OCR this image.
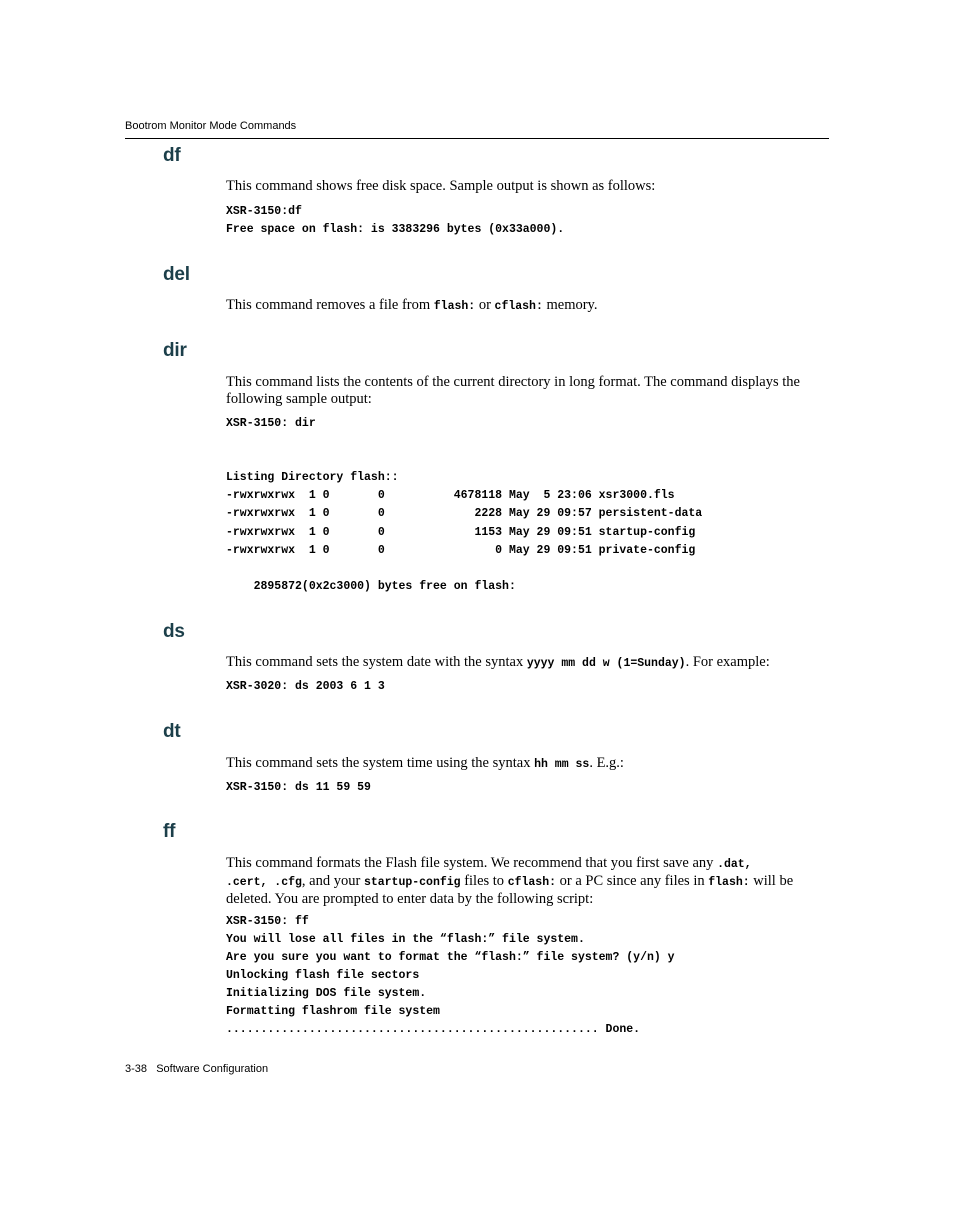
Bootrom Monitor Mode Commands
df
This command shows free disk space. Sample output is shown as follows:
XSR-3150:df
Free space on flash: is 3383296 bytes (0x33a000).
del
This command removes a file from flash: or cflash: memory.
dir
This command lists the contents of the current directory in long format. The command displays the following sample output:
XSR-3150: dir
Listing Directory flash::
-rwxrwxrwx  1 0       0          4678118 May  5 23:06 xsr3000.fls
-rwxrwxrwx  1 0       0             2228 May 29 09:57 persistent-data
-rwxrwxrwx  1 0       0             1153 May 29 09:51 startup-config
-rwxrwxrwx  1 0       0                0 May 29 09:51 private-config
2895872(0x2c3000) bytes free on flash:
ds
This command sets the system date with the syntax yyyy mm dd w (1=Sunday). For example:
XSR-3020: ds 2003 6 1 3
dt
This command sets the system time using the syntax hh mm ss. E.g.:
XSR-3150: ds 11 59 59
ff
This command formats the Flash file system. We recommend that you first save any .dat,
.cert, .cfg, and your startup-config files to cflash: or a PC since any files in flash: will be deleted. You are prompted to enter data by the following script:
XSR-3150: ff
You will lose all files in the “flash:” file system.
Are you sure you want to format the “flash:” file system? (y/n) y
Unlocking flash file sectors
Initializing DOS file system.
Formatting flashrom file system
...................................................... Done.
3-38 Software Configuration
